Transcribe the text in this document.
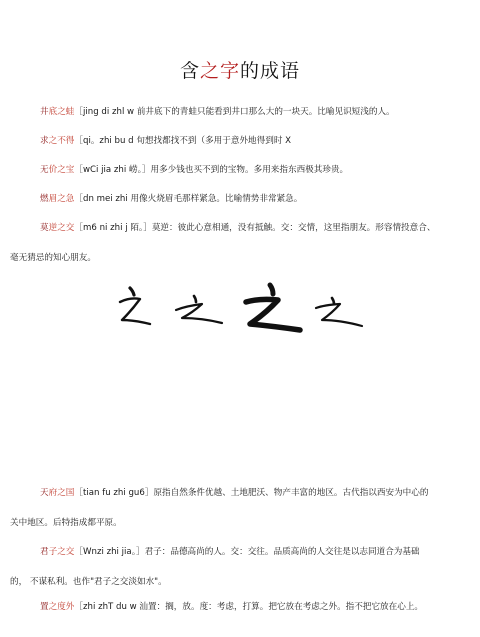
含之字的成语
井底之蛙［jing di zhl w 前井底下的青蛙只能看到井口那么大的一块天。比喻见识短浅的人。
求之不得［qi。zhi bu d 旬想找都找不到（多用于意外地得到时 X
无价之宝［wCi jia zhi 崂。］用多少钱也买不到的宝物。多用来指东西极其珍贵。
燃眉之急［dn mei zhi 用像火烧眉毛那样紧急。比喻情势非常紧急。
莫逆之交［m6 ni zhi j 陌。］莫逆：彼此心意相通，没有抵触。交：交情，这里指朋友。形容情投意合、
毫无猜忌的知心朋友。
天府之国［tian fu zhi gu6］原指自然条件优越、土地肥沃、物产丰富的地区。古代指以西安为中心的
关中地区。后特指成都平原。
君子之交［Wnzi zhi jia。］君子：品德高尚的人。交：交往。品质高尚的人交往是以志同道合为基础
的， 不谋私利。也作"君子之交淡如水"。
置之度外［zhi zhT du w 汕置：搁，放。度：考虑，打算。把它放在考虑之外。指不把它放在心上。
